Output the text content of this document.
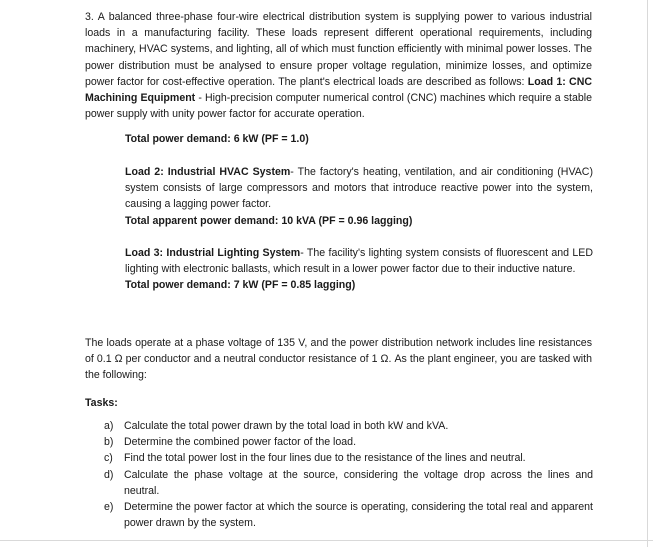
3. A balanced three-phase four-wire electrical distribution system is supplying power to various industrial loads in a manufacturing facility. These loads represent different operational requirements, including machinery, HVAC systems, and lighting, all of which must function efficiently with minimal power losses. The power distribution must be analysed to ensure proper voltage regulation, minimize losses, and optimize power factor for cost-effective operation. The plant's electrical loads are described as follows: Load 1: CNC Machining Equipment - High-precision computer numerical control (CNC) machines which require a stable power supply with unity power factor for accurate operation.

Total power demand: 6 kW (PF = 1.0)

Load 2: Industrial HVAC System- The factory's heating, ventilation, and air conditioning (HVAC) system consists of large compressors and motors that introduce reactive power into the system, causing a lagging power factor.
Total apparent power demand: 10 kVA (PF = 0.96 lagging)

Load 3: Industrial Lighting System- The facility's lighting system consists of fluorescent and LED lighting with electronic ballasts, which result in a lower power factor due to their inductive nature.
Total power demand: 7 kW (PF = 0.85 lagging)

The loads operate at a phase voltage of 135 V, and the power distribution network includes line resistances of 0.1 Ω per conductor and a neutral conductor resistance of 1 Ω. As the plant engineer, you are tasked with the following:

Tasks:

a) Calculate the total power drawn by the total load in both kW and kVA.
b) Determine the combined power factor of the load.
c) Find the total power lost in the four lines due to the resistance of the lines and neutral.
d) Calculate the phase voltage at the source, considering the voltage drop across the lines and neutral.
e) Determine the power factor at which the source is operating, considering the total real and apparent power drawn by the system.
